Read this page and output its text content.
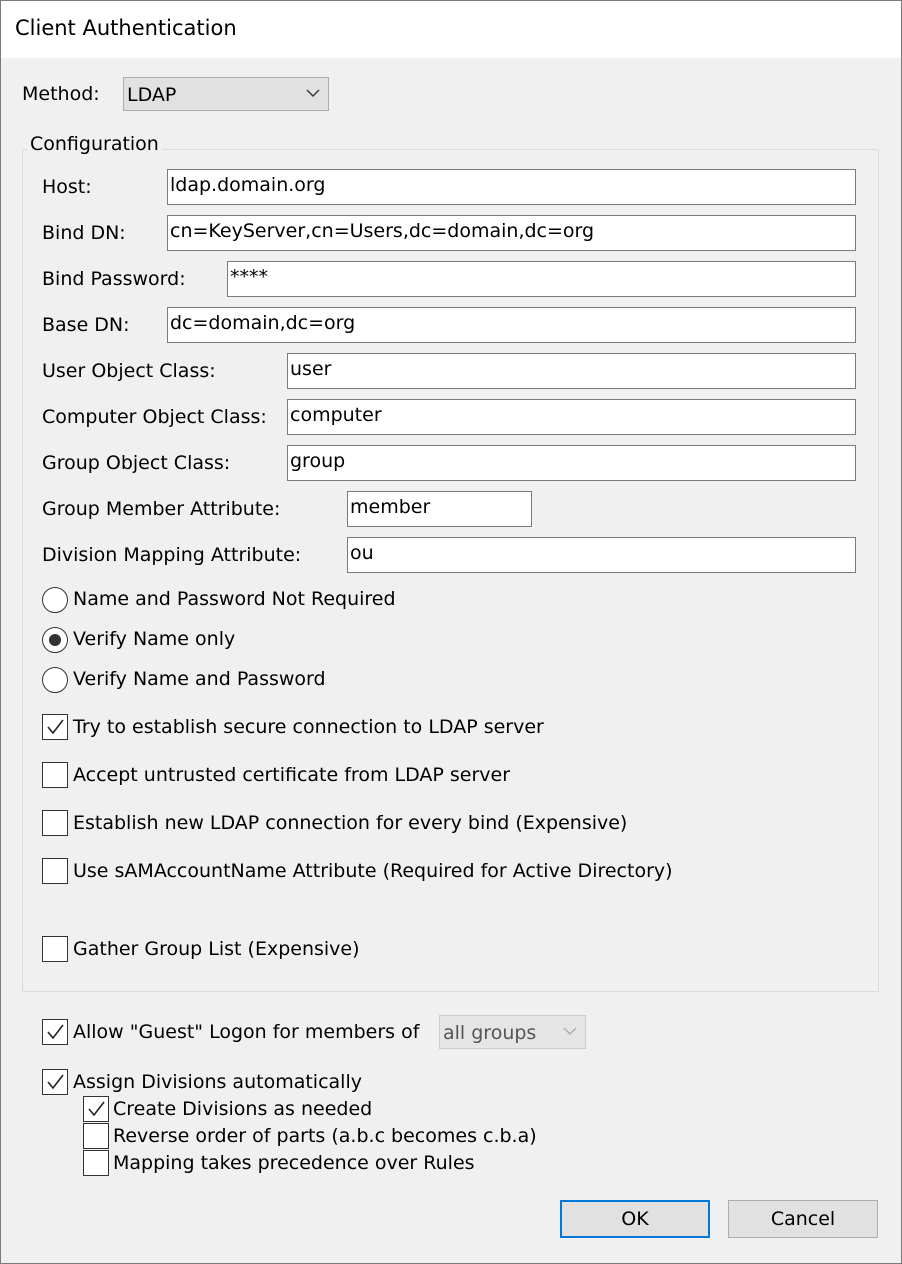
Client Authentication
Method: LDAP
Configuration
Host:	ldap.domain.org
Bind DN: cn=KeyServer,cn=Users,dc=domain,dc=org
Bind Password: ****
Base DN: dc=domain,dc=org
User Object Class:	user
Computer Object Class: computer
Group Object Class:	group
Group Member Attribute:	member
Division Mapping Attribute:	ou
Name and Password Not Required
Verify Name only
Verify Name and Password
Try to establish secure connection to LDAP server
Accept untrusted certificate from LDAP server
Establish new LDAP connection for every bind (Expensive)
Use sAMAccountName Attribute (Required for Active Directory)
Gather Group List (Expensive)
Allow "Guest" Logon for members of all groups
Assign Divisions automatically
Create Divisions as needed
Reverse order of parts (a.b.c becomes c.b.a)
Mapping takes precedence over Rules
OK	Cancel
